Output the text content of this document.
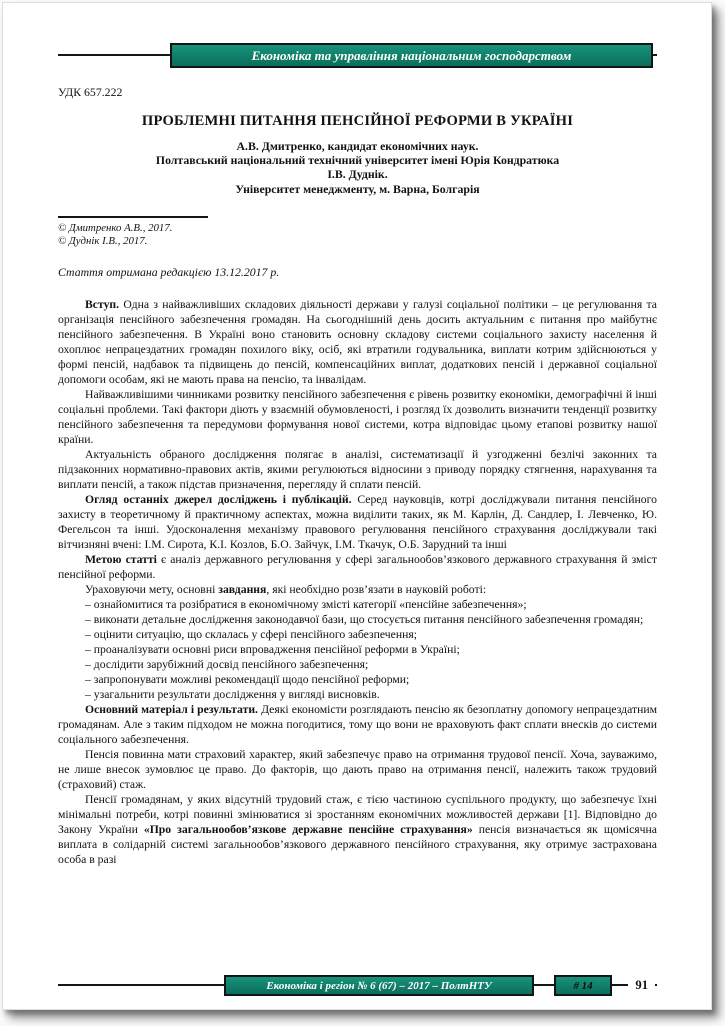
Економіка та управління національним господарством
УДК 657.222
ПРОБЛЕМНІ ПИТАННЯ ПЕНСІЙНОЇ РЕФОРМИ В УКРАЇНІ
А.В. Дмитренко, кандидат економічних наук.
Полтавський національний технічний університет імені Юрія Кондратюка
І.В. Дуднік.
Університет менеджменту, м. Варна, Болгарія
© Дмитренко А.В., 2017.
© Дуднік І.В., 2017.
Стаття отримана редакцією 13.12.2017 р.

Вступ. Одна з найважливіших складових діяльності держави у галузі соціальної політики – це регулювання та організація пенсійного забезпечення громадян. На сьогоднішній день досить актуальним є питання про майбутнє пенсійного забезпечення. В Україні воно становить основну складову системи соціального захисту населення й охоплює непрацездатних громадян похилого віку, осіб, які втратили годувальника, виплати котрим здійснюються у формі пенсій, надбавок та підвищень до пенсій, компенсаційних виплат, додаткових пенсій і державної соціальної допомоги особам, які не мають права на пенсію, та інвалідам.

Найважливішими чинниками розвитку пенсійного забезпечення є рівень розвитку економіки, демографічні й інші соціальні проблеми. Такі фактори діють у взаємній обумовленості, і розгляд їх дозволить визначити тенденції розвитку пенсійного забезпечення та передумови формування нової системи, котра відповідає цьому етапові розвитку нашої країни.

Актуальність обраного дослідження полягає в аналізі, систематизації й узгодженні безлічі законних та підзаконних нормативно-правових актів, якими регулюються відносини з приводу порядку стягнення, нарахування та виплати пенсій, а також підстав призначення, перегляду й сплати пенсій.

Огляд останніх джерел досліджень і публікацій. Серед науковців, котрі досліджували питання пенсійного захисту в теоретичному й практичному аспектах, можна виділити таких, як М. Карлін, Д. Сандлер, І. Левченко, Ю. Фегельсон та інші. Удосконалення механізму правового регулювання пенсійного страхування досліджували такі вітчизняні вчені: І.М. Сирота, К.І. Козлов, Б.О. Зайчук, І.М. Ткачук, О.Б. Зарудний та інші

Метою статті є аналіз державного регулювання у сфері загальнообов’язкового державного страхування й зміст пенсійної реформи.

Ураховуючи мету, основні завдання, які необхідно розв’язати в науковій роботі:

– ознайомитися та розібратися в економічному змісті категорії «пенсійне забезпечення»;

– виконати детальне дослідження законодавчої бази, що стосується питання пенсійного забезпечення громадян;

– оцінити ситуацію, що склалась у сфері пенсійного забезпечення;

– проаналізувати основні риси впровадження пенсійної реформи в Україні;

– дослідити зарубіжний досвід пенсійного забезпечення;

– запропонувати можливі рекомендації щодо пенсійної реформи;

– узагальнити результати дослідження у вигляді висновків.

Основний матеріал і результати. Деякі економісти розглядають пенсію як безоплатну допомогу непрацездатним громадянам. Але з таким підходом не можна погодитися, тому що вони не враховують факт сплати внесків до системи соціального забезпечення.

Пенсія повинна мати страховий характер, який забезпечує право на отримання трудової пенсії. Хоча, зауважимо, не лише внесок зумовлює це право. До факторів, що дають право на отримання пенсії, належить також трудовий (страховий) стаж.

Пенсії громадянам, у яких відсутній трудовий стаж, є тією частиною суспільного продукту, що забезпечує їхні мінімальні потреби, котрі повинні змінюватися зі зростанням економічних можливостей держави [1]. Відповідно до Закону України «Про загальнообов’язкове державне пенсійне страхування» пенсія визначається як щомісячна виплата в солідарній системі загальнообов’язкового державного пенсійного страхування, яку отримує застрахована особа в разі

Економіка і регіон № 6 (67) – 2017 – ПолтНТУ	# 14	91
